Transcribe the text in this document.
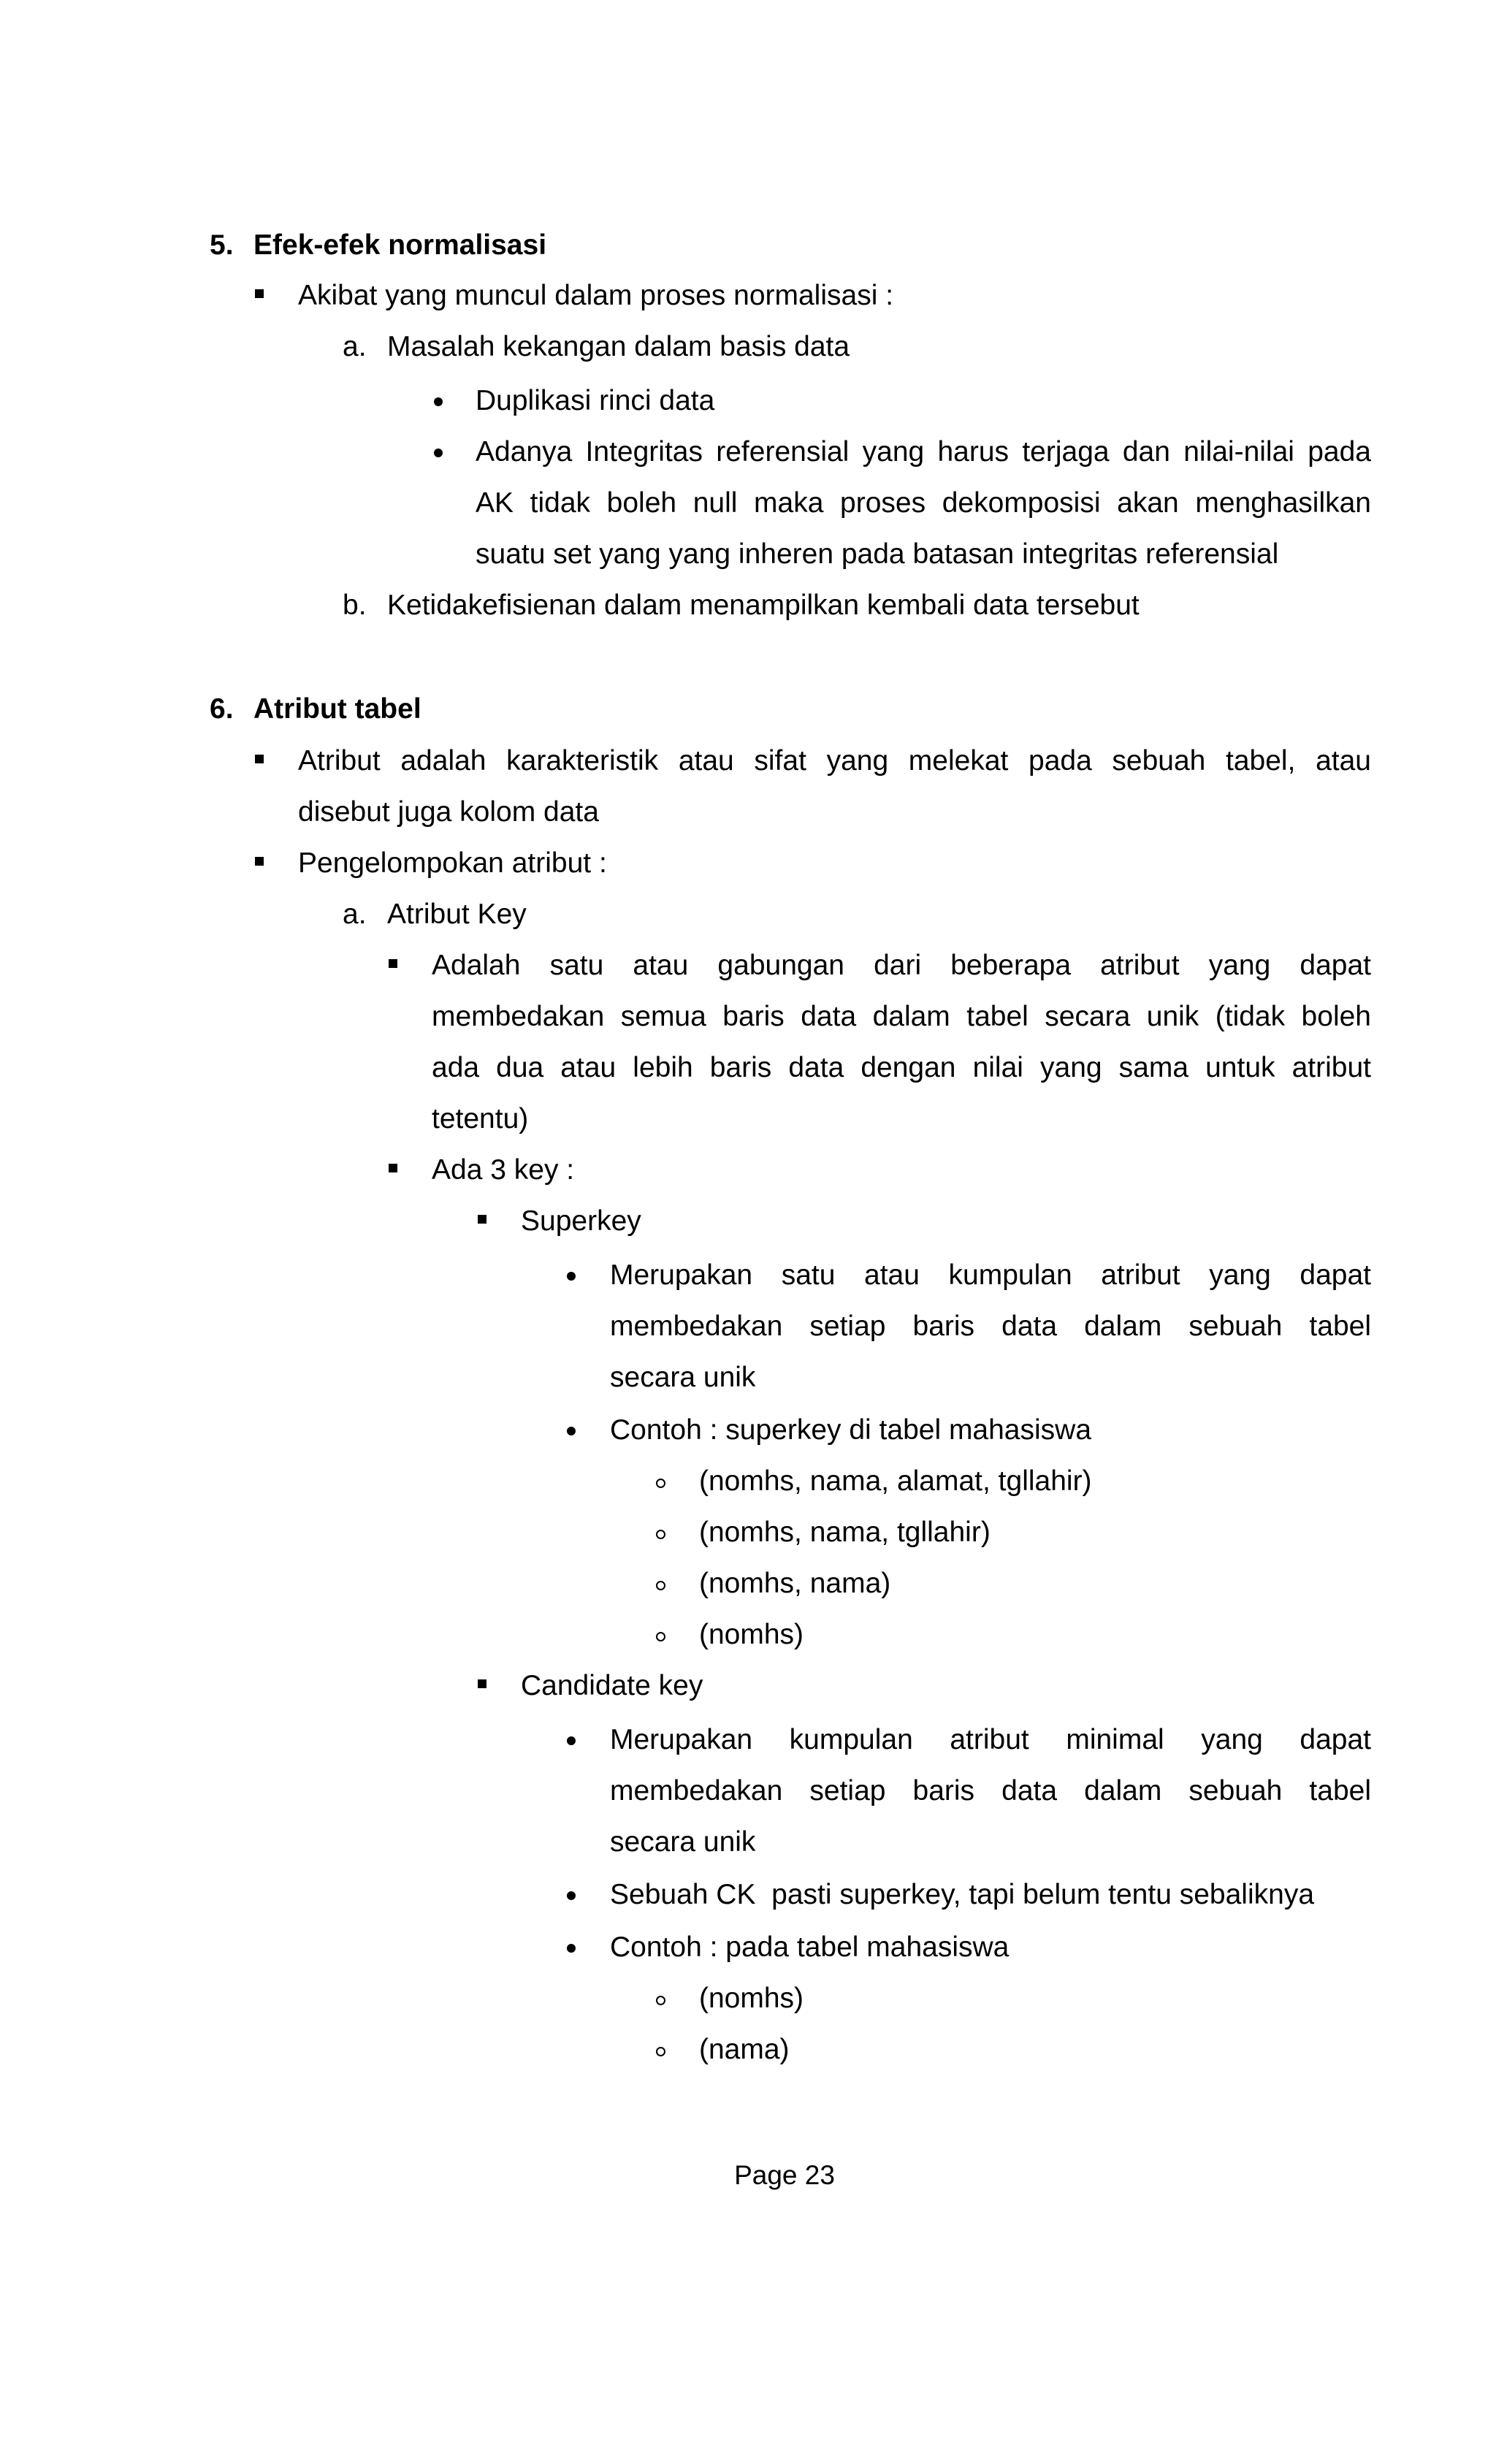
5. Efek-efek normalisasi
Akibat yang muncul dalam proses normalisasi :
a. Masalah kekangan dalam basis data
Duplikasi rinci data
Adanya Integritas referensial yang harus terjaga dan nilai-nilai pada
AK tidak boleh null maka proses dekomposisi akan menghasilkan
suatu set yang yang inheren pada batasan integritas referensial
b. Ketidakefisienan dalam menampilkan kembali data tersebut
6. Atribut tabel
Atribut adalah karakteristik atau sifat yang melekat pada sebuah tabel, atau
disebut juga kolom data
Pengelompokan atribut :
a. Atribut Key
Adalah satu atau gabungan dari beberapa atribut yang dapat
membedakan semua baris data dalam tabel secara unik (tidak boleh
ada dua atau lebih baris data dengan nilai yang sama untuk atribut
tetentu)
Ada 3 key :
Superkey
Merupakan satu atau kumpulan atribut yang dapat
membedakan setiap baris data dalam sebuah tabel
secara unik
Contoh : superkey di tabel mahasiswa
(nomhs, nama, alamat, tgllahir)
(nomhs, nama, tgllahir)
(nomhs, nama)
(nomhs)
Candidate key
Merupakan kumpulan atribut minimal yang dapat
membedakan setiap baris data dalam sebuah tabel
secara unik
Sebuah CK  pasti superkey, tapi belum tentu sebaliknya
Contoh : pada tabel mahasiswa
(nomhs)
(nama)
Page 23
